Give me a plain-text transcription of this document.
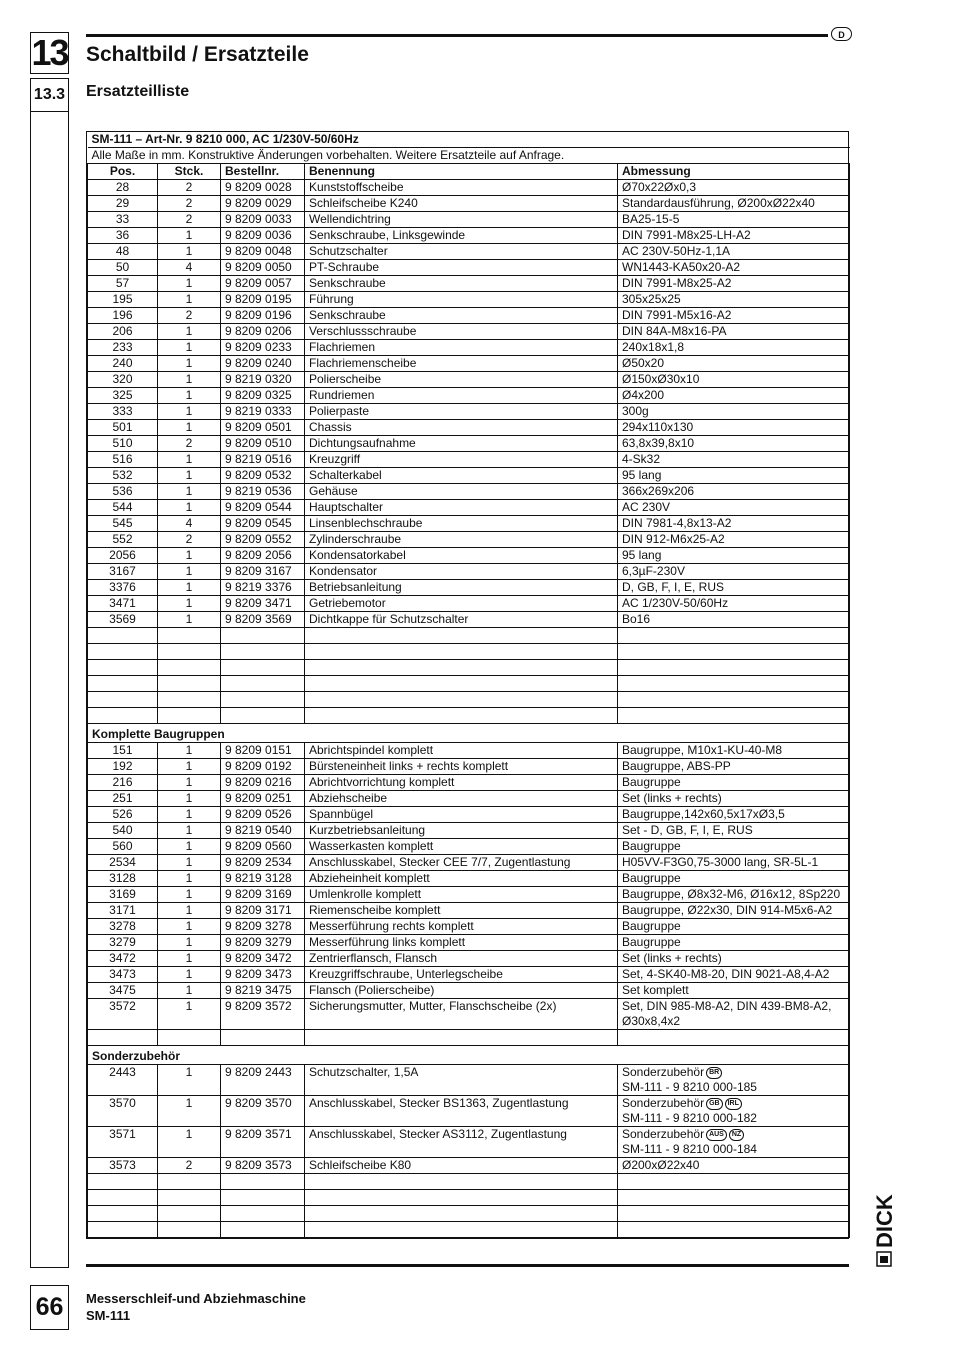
13
13.3
D
Schaltbild / Ersatzteile
Ersatzteilliste
SM-111 – Art-Nr. 9 8210 000, AC 1/230V-50/60Hz				
Alle Maße in mm. Konstruktive Änderungen vorbehalten. Weitere Ersatzteile auf Anfrage.				
Pos.	Stck.	Bestellnr.	Benennung	Abmessung
28	2	9 8209 0028	Kunststoffscheibe	Ø70x22Øx0,3
29	2	9 8209 0029	Schleifscheibe K240	Standardausführung, Ø200xØ22x40
33	2	9 8209 0033	Wellendichtring	BA25-15-5
36	1	9 8209 0036	Senkschraube, Linksgewinde	DIN 7991-M8x25-LH-A2
48	1	9 8209 0048	Schutzschalter	AC 230V-50Hz-1,1A
50	4	9 8209 0050	PT-Schraube	WN1443-KA50x20-A2
57	1	9 8209 0057	Senkschraube	DIN 7991-M8x25-A2
195	1	9 8209 0195	Führung	305x25x25
196	2	9 8209 0196	Senkschraube	DIN 7991-M5x16-A2
206	1	9 8209 0206	Verschlussschraube	DIN 84A-M8x16-PA
233	1	9 8209 0233	Flachriemen	240x18x1,8
240	1	9 8209 0240	Flachriemenscheibe	Ø50x20
320	1	9 8219 0320	Polierscheibe	Ø150xØ30x10
325	1	9 8209 0325	Rundriemen	Ø4x200
333	1	9 8219 0333	Polierpaste	300g
501	1	9 8209 0501	Chassis	294x110x130
510	2	9 8209 0510	Dichtungsaufnahme	63,8x39,8x10
516	1	9 8219 0516	Kreuzgriff	4-Sk32
532	1	9 8209 0532	Schalterkabel	95 lang
536	1	9 8219 0536	Gehäuse	366x269x206
544	1	9 8209 0544	Hauptschalter	AC 230V
545	4	9 8209 0545	Linsenblechschraube	DIN 7981-4,8x13-A2
552	2	9 8209 0552	Zylinderschraube	DIN 912-M6x25-A2
2056	1	9 8209 2056	Kondensatorkabel	95 lang
3167	1	9 8209 3167	Kondensator	6,3µF-230V
3376	1	9 8219 3376	Betriebsanleitung	D, GB, F, I, E, RUS
3471	1	9 8209 3471	Getriebemotor	AC 1/230V-50/60Hz
3569	1	9 8209 3569	Dichtkappe für Schutzschalter	Bo16

Komplette Baugruppen				
151	1	9 8209 0151	Abrichtspindel komplett	Baugruppe, M10x1-KU-40-M8
192	1	9 8209 0192	Bürsteneinheit links + rechts komplett	Baugruppe, ABS-PP
216	1	9 8209 0216	Abrichtvorrichtung komplett	Baugruppe
251	1	9 8209 0251	Abziehscheibe	Set (links + rechts)
526	1	9 8209 0526	Spannbügel	Baugruppe,142x60,5x17xØ3,5
540	1	9 8219 0540	Kurzbetriebsanleitung	Set - D, GB, F, I, E, RUS
560	1	9 8209 0560	Wasserkasten komplett	Baugruppe
2534	1	9 8209 2534	Anschlusskabel, Stecker CEE 7/7, Zugentlastung	H05VV-F3G0,75-3000 lang, SR-5L-1
3128	1	9 8219 3128	Abzieheinheit komplett	Baugruppe
3169	1	9 8209 3169	Umlenkrolle komplett	Baugruppe, Ø8x32-M6, Ø16x12, 8Sp220
3171	1	9 8209 3171	Riemenscheibe komplett	Baugruppe, Ø22x30, DIN 914-M5x6-A2
3278	1	9 8209 3278	Messerführung rechts komplett	Baugruppe
3279	1	9 8209 3279	Messerführung links komplett	Baugruppe
3472	1	9 8209 3472	Zentrierflansch, Flansch	Set (links + rechts)
3473	1	9 8209 3473	Kreuzgriffschraube, Unterlegscheibe	Set, 4-SK40-M8-20, DIN 9021-A8,4-A2
3475	1	9 8219 3475	Flansch (Polierscheibe)	Set komplett
3572	1	9 8209 3572	Sicherungsmutter, Mutter, Flanschscheibe (2x)	Set, DIN 985-M8-A2, DIN 439-BM8-A2,
Ø30x8,4x2

Sonderzubehör				
2443	1	9 8209 2443	Schutzschalter, 1,5A	Sonderzubehör BR
SM-111 - 9 8210 000-185

3570	1	9 8209 3570	Anschlusskabel, Stecker BS1363, Zugentlastung	Sonderzubehör GB IRL
SM-111 - 9 8210 000-182

3571	1	9 8209 3571	Anschlusskabel, Stecker AS3112, Zugentlastung	Sonderzubehör AUS NZ
SM-111 - 9 8210 000-184

3573	2	9 8209 3573	Schleifscheibe K80	Ø200xØ22x40

66	Messerschleif-und Abziehmaschine
SM-111
DICK
